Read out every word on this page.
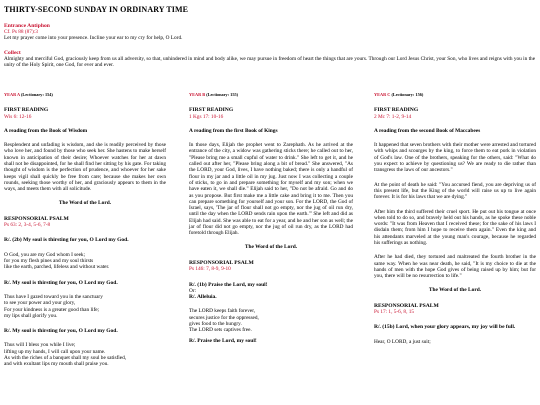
THIRTY-SECOND SUNDAY IN ORDINARY TIME
Entrance Antiphon
Cf. Ps 88 (87):3
Let my prayer come into your presence. Incline your ear to my cry for help, O Lord.
Collect
Almighty and merciful God, graciously keep from us all adversity, so that, unhindered in mind and body alike, we may pursue in freedom of heart the things that are yours. Through our Lord Jesus Christ, your Son, who lives and reigns with you in the unity of the Holy Spirit, one God, for ever and ever.
YEAR A (Lectionary: 154)
FIRST READING
Wis 6: 12-16
A reading from the Book of Wisdom
Resplendent and unfading is wisdom, and she is readily perceived by those who love her, and found by those who seek her. She hastens to make herself known in anticipation of their desire; Whoever watches for her at dawn shall not be disappointed, for he shall find her sitting by his gate. For taking thought of wisdom is the perfection of prudence, and whoever for her sake keeps vigil shall quickly be free from care; because she makes her own rounds, seeking those worthy of her, and graciously appears to them in the ways, and meets them with all solicitude.
The Word of the Lord.
RESPONSORIAL PSALM
Ps 63: 2, 3-4, 5-6, 7-8
R/. (2b) My soul is thirsting for you, O Lord my God.
O God, you are my God whom I seek;
for you my flesh pines and my soul thirsts
like the earth, parched, lifeless and without water.
R/. My soul is thirsting for you, O Lord my God.
Thus have I gazed toward you in the sanctuary
to see your power and your glory,
For your kindness is a greater good than life;
my lips shall glorify you.
R/. My soul is thirsting for you, O Lord my God.
Thus will I bless you while I live;
lifting up my hands, I will call upon your name.
As with the riches of a banquet shall my soul be satisfied,
and with exultant lips my mouth shall praise you.
YEAR B (Lectionary: 155)
FIRST READING
1 Kgs 17: 10-16
A reading from the first Book of Kings
In those days, Elijah the prophet went to Zarephath. As he arrived at the entrance of the city, a widow was gathering sticks there; he called out to her, "Please bring me a small cupful of water to drink." She left to get it, and he called out after her, "Please bring along a bit of bread." She answered, "As the LORD, your God, lives, I have nothing baked; there is only a handful of flour in my jar and a little oil in my jug. Just now I was collecting a couple of sticks, to go in and prepare something for myself and my son; when we have eaten it, we shall die." Elijah said to her, "Do not be afraid. Go and do as you propose. But first make me a little cake and bring it to me. Then you can prepare something for yourself and your son. For the LORD, the God of Israel, says, 'The jar of flour shall not go empty, nor the jug of oil run dry, until the day when the LORD sends rain upon the earth.'" She left and did as Elijah had said. She was able to eat for a year, and he and her son as well; the jar of flour did not go empty, nor the jug of oil run dry, as the LORD had foretold through Elijah.
The Word of the Lord.
RESPONSORIAL PSALM
Ps 146: 7, 8-9, 9-10
R/. (1b) Praise the Lord, my soul!
Or:
R/. Alleluia.
The LORD keeps faith forever,
secures justice for the oppressed,
gives food to the hungry.
The LORD sets captives free.
R/. Praise the Lord, my soul!
YEAR C (Lectionary: 156)
FIRST READING
2 Mc 7: 1-2, 9-14
A reading from the second Book of Maccabees
It happened that seven brothers with their mother were arrested and tortured with whips and scourges by the king, to force them to eat pork in violation of God's law. One of the brothers, speaking for the others, said: "What do you expect to achieve by questioning us? We are ready to die rather than transgress the laws of our ancestors."
At the point of death he said: "You accursed fiend, you are depriving us of this present life, but the King of the world will raise us up to live again forever. It is for his laws that we are dying."
After him the third suffered their cruel sport. He put out his tongue at once when told to do so, and bravely held out his hands, as he spoke these noble words: "It was from Heaven that I received these; for the sake of his laws I disdain them; from him I hope to receive them again." Even the king and his attendants marveled at the young man's courage, because he regarded his sufferings as nothing.
After he had died, they tortured and maltreated the fourth brother in the same way. When he was near death, he said, "It is my choice to die at the hands of men with the hope God gives of being raised up by him; but for you, there will be no resurrection to life."
The Word of the Lord.
RESPONSORIAL PSALM
Ps 17: 1, 5-6, 8, 15
R/. (15b) Lord, when your glory appears, my joy will be full.
Hear, O LORD, a just suit;
